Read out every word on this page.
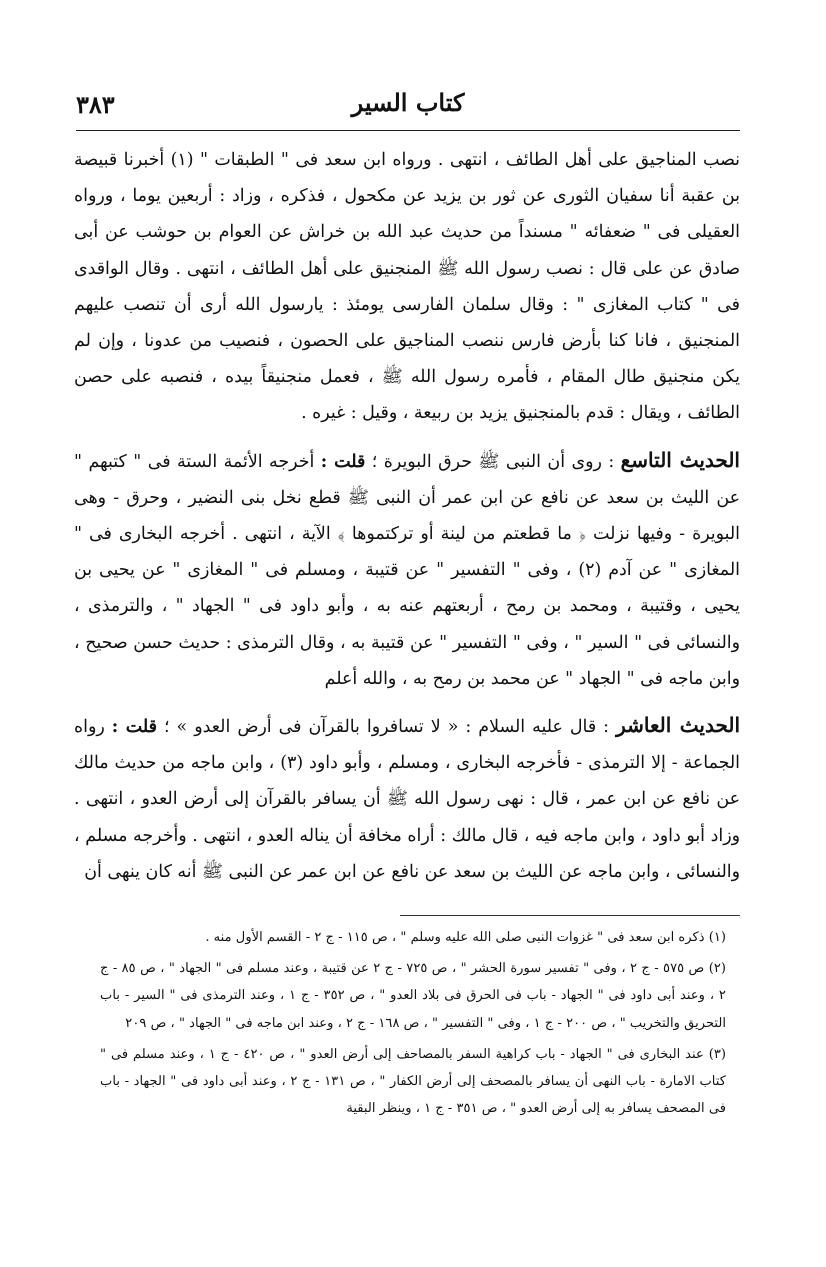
كتاب السير
٣٨٣

نصب المناجيق على أهل الطائف ، انتهى . ورواه ابن سعد فى " الطبقات " (١) أخبرنا قبيصة بن عقبة أنا سفيان الثورى عن ثور بن يزيد عن مكحول ، فذكره ، وزاد : أربعين يوما ، ورواه العقيلى فى " ضعفائه " مسنداً من حديث عبد الله بن خراش عن العوام بن حوشب عن أبى صادق عن على قال : نصب رسول الله ﷺ المنجنيق على أهل الطائف ، انتهى . وقال الواقدى فى " كتاب المغازى " : وقال سلمان الفارسى يومئذ : يارسول الله أرى أن تنصب عليهم المنجنيق ، فانا كنا بأرض فارس ننصب المناجيق على الحصون ، فنصيب من عدونا ، وإن لم يكن منجنيق طال المقام ، فأمره رسول الله ﷺ ، فعمل منجنيقاً بيده ، فنصبه على حصن الطائف ، ويقال : قدم بالمنجنيق يزيد بن ربيعة ، وقيل : غيره .

الحديث التاسع : روى أن النبى ﷺ حرق البويرة ؛ قلت : أخرجه الأئمة الستة فى " كتبهم " عن الليث بن سعد عن نافع عن ابن عمر أن النبى ﷺ قطع نخل بنى النضير ، وحرق - وهى البويرة - وفيها نزلت ﴿ ما قطعتم من لينة أو تركتموها ﴾ الآية ، انتهى . أخرجه البخارى فى " المغازى " عن آدم (٢) ، وفى " التفسير " عن قتيبة ، ومسلم فى " المغازى " عن يحيى بن يحيى ، وقتيبة ، ومحمد بن رمح ، أربعتهم عنه به ، وأبو داود فى " الجهاد " ، والترمذى ، والنسائى فى " السير " ، وفى " التفسير " عن قتيبة به ، وقال الترمذى : حديث حسن صحيح ، وابن ماجه فى " الجهاد " عن محمد بن رمح به ، والله أعلم

الحديث العاشر : قال عليه السلام : « لا تسافروا بالقرآن فى أرض العدو » ؛ قلت : رواه الجماعة - إلا الترمذى - فأخرجه البخارى ، ومسلم ، وأبو داود (٣) ، وابن ماجه من حديث مالك عن نافع عن ابن عمر ، قال : نهى رسول الله ﷺ أن يسافر بالقرآن إلى أرض العدو ، انتهى . وزاد أبو داود ، وابن ماجه فيه ، قال مالك : أراه مخافة أن يناله العدو ، انتهى . وأخرجه مسلم ، والنسائى ، وابن ماجه عن الليث بن سعد عن نافع عن ابن عمر عن النبى ﷺ أنه كان ينهى أن

(١) ذكره ابن سعد فى " غزوات النبى صلى الله عليه وسلم " ، ص ١١٥ - ج ٢ - القسم الأول منه .

(٢) ص ٥٧٥ - ج ٢ ، وفى " تفسير سورة الحشر " ، ص ٧٢٥ - ج ٢ عن قتيبة ، وعند مسلم فى " الجهاد " ، ص ٨٥ - ج ٢ ، وعند أبى داود فى " الجهاد - باب فى الحرق فى بلاد العدو " ، ص ٣٥٢ - ج ١ ، وعند الترمذى فى " السير - باب التحريق والتخريب " ، ص ٢٠٠ - ج ١ ، وفى " التفسير " ، ص ١٦٨ - ج ٢ ، وعند ابن ماجه فى " الجهاد " ، ص ٢٠٩

(٣) عند البخارى فى " الجهاد - باب كراهية السفر بالمصاحف إلى أرض العدو " ، ص ٤٢٠ - ج ١ ، وعند مسلم فى " كتاب الامارة - باب النهى أن يسافر بالمصحف إلى أرض الكفار " ، ص ١٣١ - ج ٢ ، وعند أبى داود فى " الجهاد - باب فى المصحف يسافر به إلى أرض العدو " ، ص ٣٥١ - ج ١ ، وينظر البقية
